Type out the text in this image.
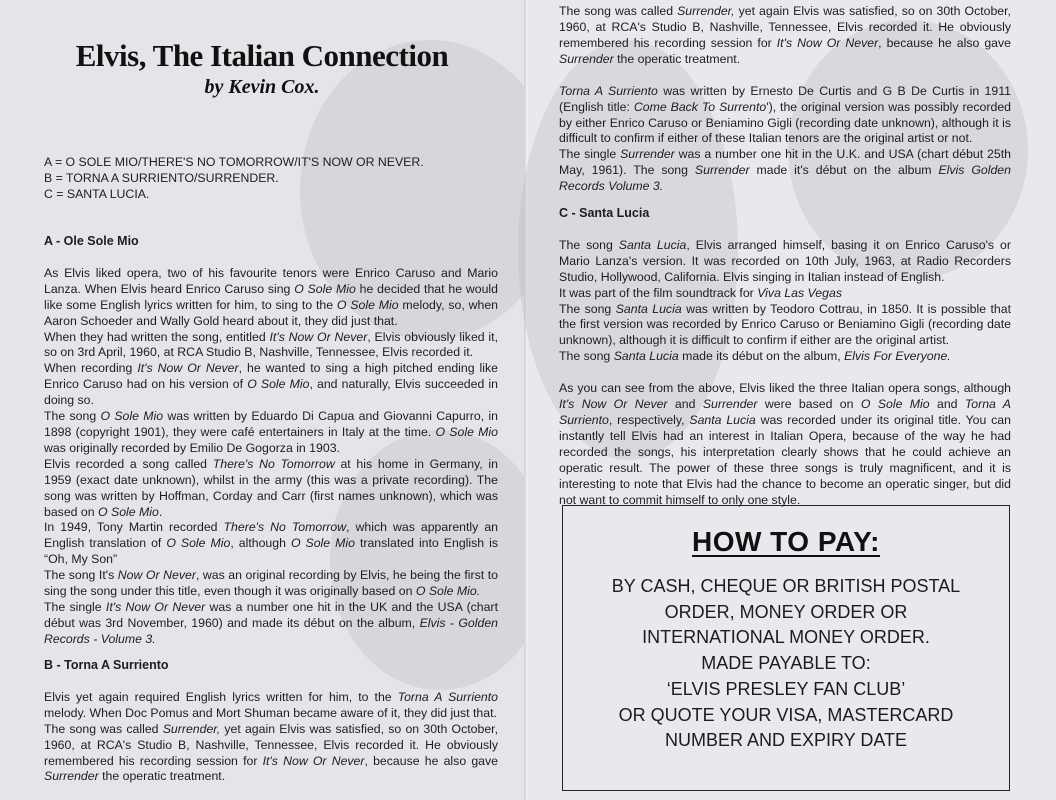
Elvis, The Italian Connection
by Kevin Cox.

A = O SOLE MIO/THERE'S NO TOMORROW/IT'S NOW OR NEVER.

B = TORNA A SURRIENTO/SURRENDER.

C = SANTA LUCIA.

A - Ole Sole Mio

As Elvis liked opera, two of his favourite tenors were Enrico Caruso and Mario Lanza. When Elvis heard Enrico Caruso sing O Sole Mio he decided that he would like some English lyrics written for him, to sing to the O Sole Mio melody, so, when Aaron Schoeder and Wally Gold heard about it, they did just that.

When they had written the song, entitled It's Now Or Never, Elvis obviously liked it, so on 3rd April, 1960, at RCA Studio B, Nashville, Tennessee, Elvis recorded it.

When recording It's Now Or Never, he wanted to sing a high pitched ending like Enrico Caruso had on his version of O Sole Mio, and naturally, Elvis succeeded in doing so.

The song O Sole Mio was written by Eduardo Di Capua and Giovanni Capurro, in 1898 (copyright 1901), they were café entertainers in Italy at the time. O Sole Mio was originally recorded by Emilio De Gogorza in 1903.

Elvis recorded a song called There's No Tomorrow at his home in Germany, in 1959 (exact date unknown), whilst in the army (this was a private recording). The song was written by Hoffman, Corday and Carr (first names unknown), which was based on O Sole Mio.

In 1949, Tony Martin recorded There's No Tomorrow, which was apparently an English translation of O Sole Mio, although O Sole Mio translated into English is “Oh, My Son”

The song It's Now Or Never, was an original recording by Elvis, he being the first to sing the song under this title, even though it was originally based on O Sole Mio.

The single It's Now Or Never was a number one hit in the UK and the USA (chart début was 3rd November, 1960) and made its début on the album, Elvis - Golden Records - Volume 3.

B - Torna A Surriento

Elvis yet again required English lyrics written for him, to the Torna A Surriento melody. When Doc Pomus and Mort Shuman became aware of it, they did just that.

The song was called Surrender, yet again Elvis was satisfied, so on 30th October, 1960, at RCA's Studio B, Nashville, Tennessee, Elvis recorded it. He obviously remembered his recording session for It's Now Or Never, because he also gave Surrender the operatic treatment.

The song was called Surrender, yet again Elvis was satisfied, so on 30th October, 1960, at RCA's Studio B, Nashville, Tennessee, Elvis recorded it. He obviously remembered his recording session for It's Now Or Never, because he also gave Surrender the operatic treatment.

Torna A Surriento was written by Ernesto De Curtis and G B De Curtis in 1911 (English title: Come Back To Surrento'), the original version was possibly recorded by either Enrico Caruso or Beniamino Gigli (recording date unknown), although it is difficult to confirm if either of these Italian tenors are the original artist or not.

The single Surrender was a number one hit in the U.K. and USA (chart début 25th May, 1961). The song Surrender made it's début on the album Elvis Golden Records Volume 3.

C - Santa Lucia

The song Santa Lucia, Elvis arranged himself, basing it on Enrico Caruso's or Mario Lanza's version. It was recorded on 10th July, 1963, at Radio Recorders Studio, Hollywood, California. Elvis singing in Italian instead of English.

It was part of the film soundtrack for Viva Las Vegas

The song Santa Lucia was written by Teodoro Cottrau, in 1850. It is possible that the first version was recorded by Enrico Caruso or Beniamino Gigli (recording date unknown), although it is difficult to confirm if either are the original artist.

The song Santa Lucia made its début on the album, Elvis For Everyone.

As you can see from the above, Elvis liked the three Italian opera songs, although It's Now Or Never and Surrender were based on O Sole Mio and Torna A Surriento, respectively, Santa Lucia was recorded under its original title. You can instantly tell Elvis had an interest in Italian Opera, because of the way he had recorded the songs, his interpretation clearly shows that he could achieve an operatic result. The power of these three songs is truly magnificent, and it is interesting to note that Elvis had the chance to become an operatic singer, but did not want to commit himself to only one style.

HOW TO PAY:
BY CASH, CHEQUE OR BRITISH POSTAL
ORDER, MONEY ORDER OR
INTERNATIONAL MONEY ORDER.
MADE PAYABLE TO:
‘ELVIS PRESLEY FAN CLUB’
OR QUOTE YOUR VISA, MASTERCARD
NUMBER AND EXPIRY DATE
